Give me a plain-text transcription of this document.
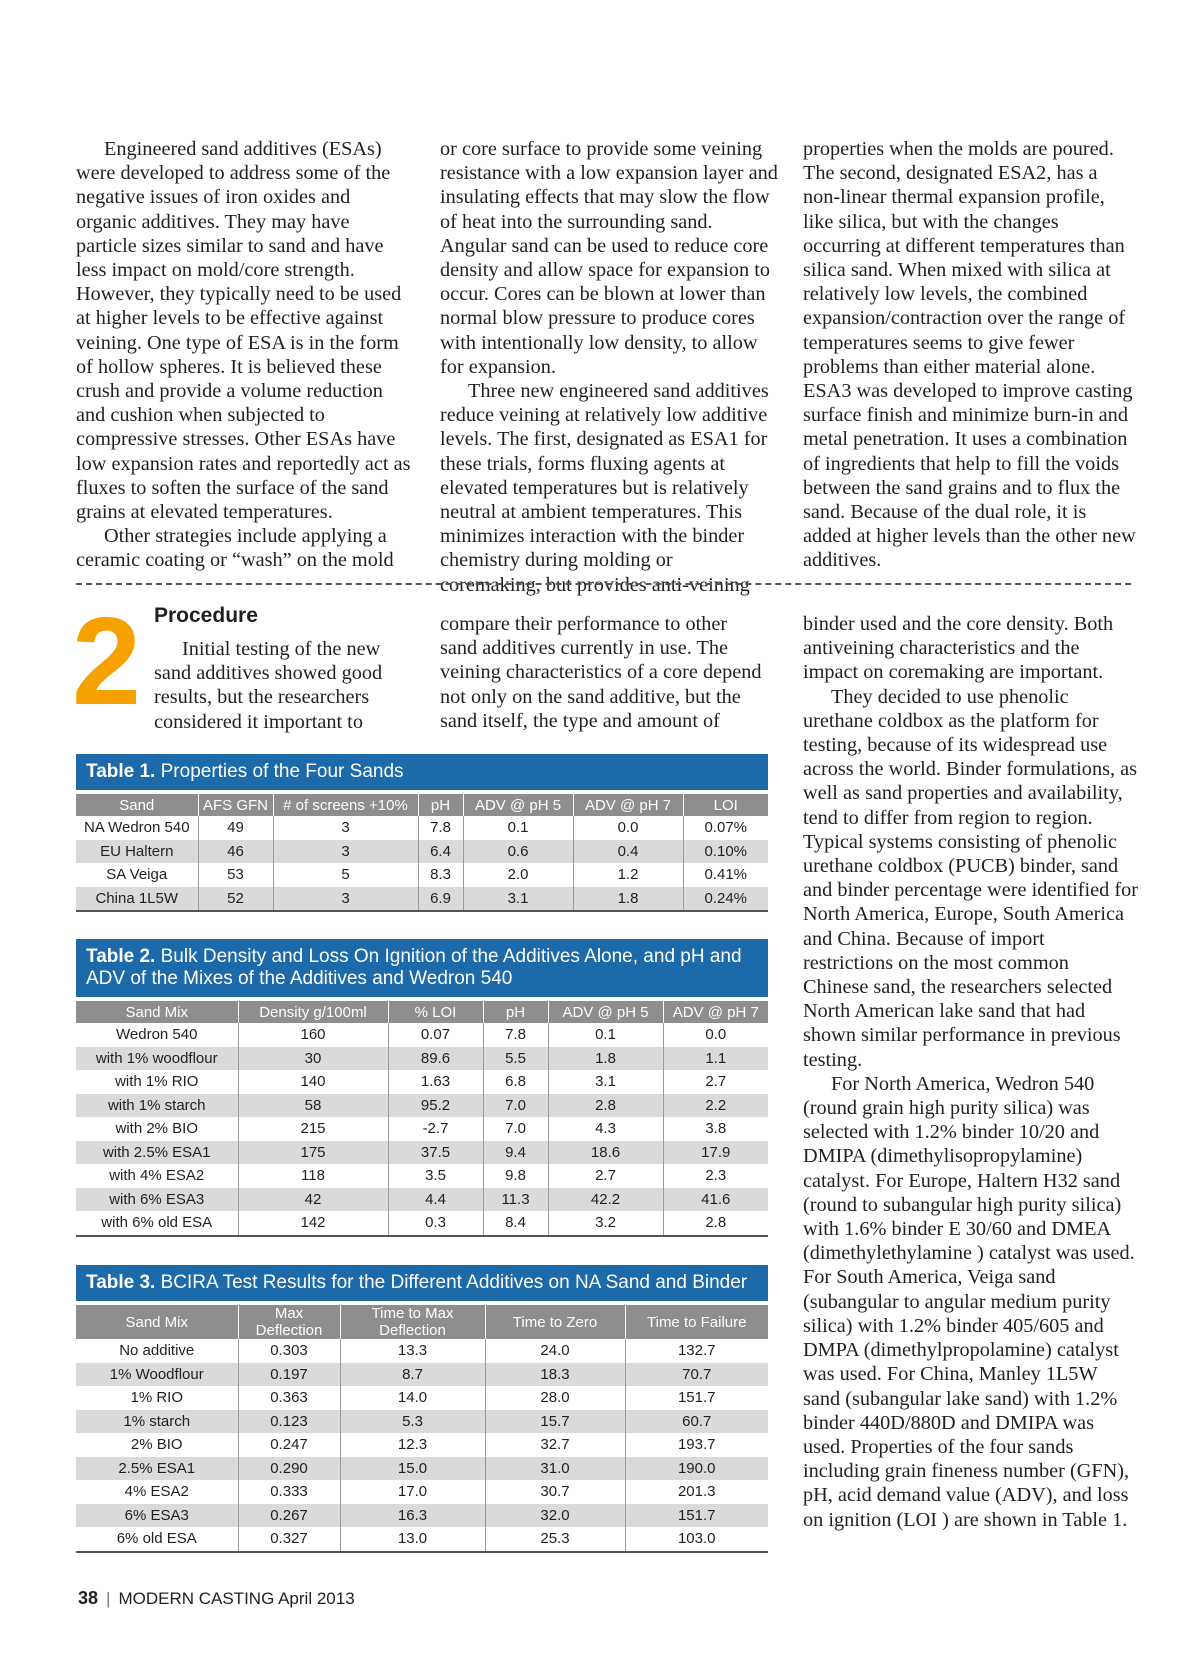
Engineered sand additives (ESAs) were developed to address some of the negative issues of iron oxides and organic additives. They may have particle sizes similar to sand and have less impact on mold/core strength. However, they typically need to be used at higher levels to be effective against veining. One type of ESA is in the form of hollow spheres. It is believed these crush and provide a volume reduction and cushion when subjected to compressive stresses. Other ESAs have low expansion rates and reportedly act as fluxes to soften the surface of the sand grains at elevated temperatures.

Other strategies include applying a ceramic coating or “wash” on the mold

or core surface to provide some veining resistance with a low expansion layer and insulating effects that may slow the flow of heat into the surrounding sand. Angular sand can be used to reduce core density and allow space for expansion to occur. Cores can be blown at lower than normal blow pressure to produce cores with intentionally low density, to allow for expansion.

Three new engineered sand additives reduce veining at relatively low additive levels. The first, designated as ESA1 for these trials, forms fluxing agents at elevated temperatures but is relatively neutral at ambient temperatures. This minimizes interaction with the binder chemistry during molding or coremaking, but provides anti-veining

properties when the molds are poured. The second, designated ESA2, has a non-linear thermal expansion profile, like silica, but with the changes occurring at different temperatures than silica sand. When mixed with silica at relatively low levels, the combined expansion/contraction over the range of temperatures seems to give fewer problems than either material alone. ESA3 was developed to improve casting surface finish and minimize burn-in and metal penetration. It uses a combination of ingredients that help to fill the voids between the sand grains and to flux the sand. Because of the dual role, it is added at higher levels than the other new additives.

2 Procedure

Initial testing of the new sand additives showed good results, but the researchers considered it important to

compare their performance to other sand additives currently in use. The veining characteristics of a core depend not only on the sand additive, but the sand itself, the type and amount of

binder used and the core density. Both antiveining characteristics and the impact on coremaking are important.

They decided to use phenolic urethane coldbox as the platform for testing, because of its widespread use across the world. Binder formulations, as well as sand properties and availability, tend to differ from region to region. Typical systems consisting of phenolic urethane coldbox (PUCB) binder, sand and binder percentage were identified for North America, Europe, South America and China. Because of import restrictions on the most common Chinese sand, the researchers selected North American lake sand that had shown similar performance in previous testing.

For North America, Wedron 540 (round grain high purity silica) was selected with 1.2% binder 10/20 and DMIPA (dimethylisopropylamine) catalyst. For Europe, Haltern H32 sand (round to subangular high purity silica) with 1.6% binder E 30/60 and DMEA (dimethylethylamine ) catalyst was used. For South America, Veiga sand (subangular to angular medium purity silica) with 1.2% binder 405/605 and DMPA (dimethylpropolamine) catalyst was used. For China, Manley 1L5W sand (subangular lake sand) with 1.2% binder 440D/880D and DMIPA was used. Properties of the four sands including grain fineness number (GFN), pH, acid demand value (ADV), and loss on ignition (LOI ) are shown in Table 1.

Table 1. Properties of the Four Sands
Sand	AFS GFN	# of screens +10%	pH	ADV @ pH 5	ADV @ pH 7	LOI
NA Wedron 540	49	3	7.8	0.1	0.0	0.07%
EU Haltern	46	3	6.4	0.6	0.4	0.10%
SA Veiga	53	5	8.3	2.0	1.2	0.41%
China 1L5W	52	3	6.9	3.1	1.8	0.24%
Table 2. Bulk Density and Loss On Ignition of the Additives Alone, and pH and ADV of the Mixes of the Additives and Wedron 540
Sand Mix	Density g/100ml	% LOI	pH	ADV @ pH 5	ADV @ pH 7
Wedron 540	160	0.07	7.8	0.1	0.0
with 1% woodflour	30	89.6	5.5	1.8	1.1
with 1% RIO	140	1.63	6.8	3.1	2.7
with 1% starch	58	95.2	7.0	2.8	2.2
with 2% BIO	215	-2.7	7.0	4.3	3.8
with 2.5% ESA1	175	37.5	9.4	18.6	17.9
with 4% ESA2	118	3.5	9.8	2.7	2.3
with 6% ESA3	42	4.4	11.3	42.2	41.6
with 6% old ESA	142	0.3	8.4	3.2	2.8
Table 3. BCIRA Test Results for the Different Additives on NA Sand and Binder
Sand Mix	Max Deflection	Time to Max Deflection	Time to Zero	Time to Failure
No additive	0.303	13.3	24.0	132.7
1% Woodflour	0.197	8.7	18.3	70.7
1% RIO	0.363	14.0	28.0	151.7
1% starch	0.123	5.3	15.7	60.7
2% BIO	0.247	12.3	32.7	193.7
2.5% ESA1	0.290	15.0	31.0	190.0
4% ESA2	0.333	17.0	30.7	201.3
6% ESA3	0.267	16.3	32.0	151.7
6% old ESA	0.327	13.0	25.3	103.0
38 | MODERN CASTING April 2013
